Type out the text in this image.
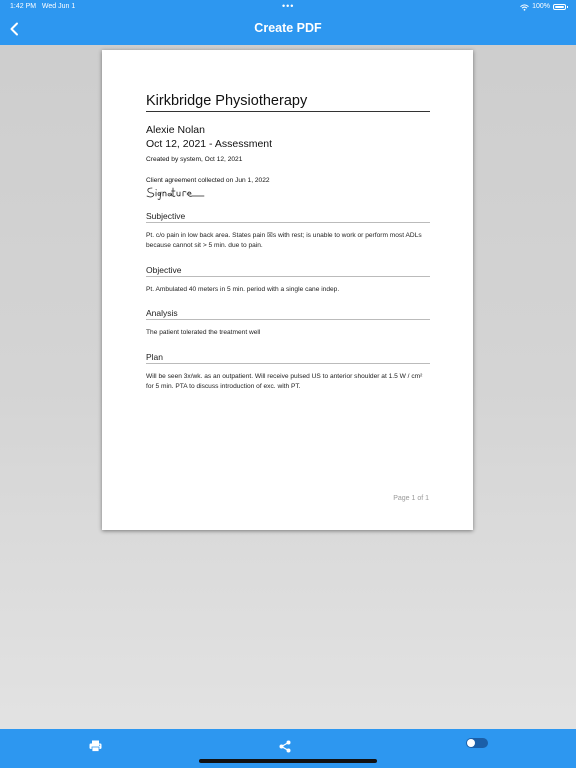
1:42 PM Wed Jun 1	•••	100%
Create PDF
Kirkbridge Physiotherapy
Alexie Nolan
Oct 12, 2021 - Assessment
Created by system, Oct 12, 2021
Client agreement collected on Jun 1, 2022
Subjective
Pt. c/o pain in low back area. States pain ☒s with rest; is unable to work or perform most ADLs because cannot sit > 5 min. due to pain.
Objective
Pt. Ambulated 40 meters in 5 min. period with a single cane indep.
Analysis
The patient tolerated the treatment well
Plan
Will be seen 3x/wk. as an outpatient. Will receive pulsed US to anterior shoulder at 1.5 W / cm² for 5 min. PTA to discuss introduction of exc. with PT.
Page 1 of 1
